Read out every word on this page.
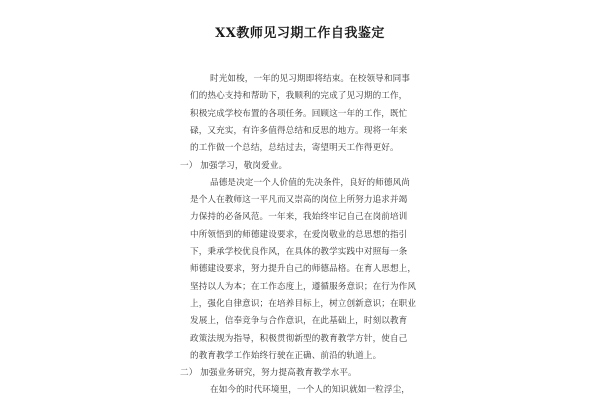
XX教师见习期工作自我鉴定
时光如梭，一年的见习期即将结束。在校领导和同事
们的热心支持和帮助下，我顺利的完成了见习期的工作，
积极完成学校布置的各项任务。回顾这一年的工作，既忙
碌，又充实，有许多值得总结和反思的地方。现将一年来
的工作做一个总结，总结过去，寄望明天工作得更好。
一） 加强学习，敬岗爱业。
品德是决定一个人价值的先决条件，良好的师德风尚
是个人在教师这一平凡而又崇高的岗位上所努力追求并竭
力保持的必备风范。一年来，我始终牢记自己在岗前培训
中所领悟到的师德建设要求，在爱岗敬业的总思想的指引
下，秉承学校优良作风，在具体的教学实践中对照每一条
师德建设要求，努力提升自己的师德品格。在育人思想上，
坚持以人为本；在工作态度上，遵循服务意识；在行为作风
上，强化自律意识；在培养目标上，树立创新意识；在职业
发展上，信奉竞争与合作意识，在此基础上，时刻以教育
政策法规为指导，积极贯彻新型的教育教学方针，使自己
的教育教学工作始终行驶在正确、前沿的轨道上。
二） 加强业务研究，努力提高教育教学水平。
在如今的时代环境里，一个人的知识就如一粒浮尘，
